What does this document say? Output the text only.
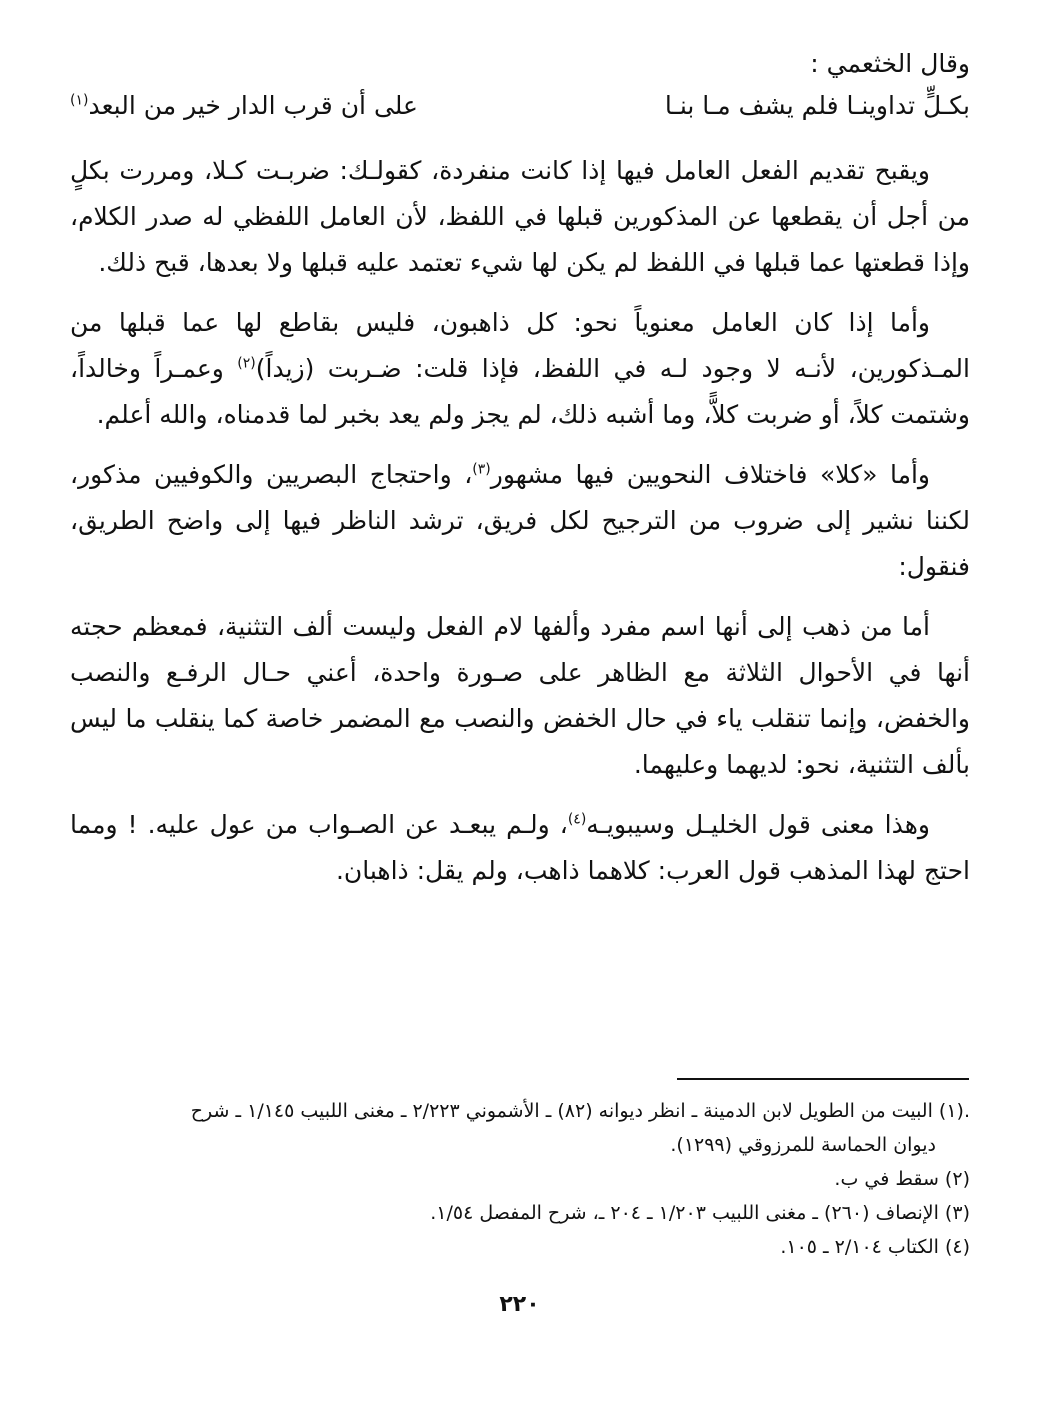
وقال الخثعمي :
بكـلٍّ تداوينـا فلم يشف مـا بنـا
على أن قرب الدار خير من البعد$^{(١)}$

ويقبح تقديم الفعل العامل فيها إذا كانت منفردة، كقولـك: ضربـت كـلا، ومررت بكلٍ من أجل أن يقطعها عن المذكورين قبلها في اللفظ، لأن العامل اللفظي له صدر الكلام، وإذا قطعتها عما قبلها في اللفظ لم يكن لها شيء تعتمد عليه قبلها ولا بعدها، قبح ذلك.

وأما إذا كان العامل معنوياً نحو: كل ذاهبون، فليس بقاطع لها عما قبلها من المـذكورين، لأنـه لا وجود لـه في اللفظ، فإذا قلت: ضـربت (زيداً)$^{(٢)}$ وعمـراً وخالداً، وشتمت كلاً، أو ضربت كلاًّ، وما أشبه ذلك، لم يجز ولم يعد بخبر لما قدمناه، والله أعلم.

وأما «كلا» فاختلاف النحويين فيها مشهور$^{(٣)}$، واحتجاج البصريين والكوفيين مذكور، لكننا نشير إلى ضروب من الترجيح لكل فريق، ترشد الناظر فيها إلى واضح الطريق، فنقول:

أما من ذهب إلى أنها اسم مفرد وألفها لام الفعل وليست ألف التثنية، فمعظم حجته أنها في الأحوال الثلاثة مع الظاهر على صـورة واحدة، أعني حـال الرفـع والنصب والخفض، وإنما تنقلب ياء في حال الخفض والنصب مع المضمر خاصة كما ينقلب ما ليس بألف التثنية، نحو: لديهما وعليهما.

وهذا معنى قول الخليـل وسيبويـه$^{(٤)}$، ولـم يبعـد عن الصـواب من عول عليه. ! ومما احتج لهذا المذهب قول العرب: كلاهما ذاهب، ولم يقل: ذاهبان.

.(١) البيت من الطويل لابن الدمينة ـ انظر ديوانه (٨٢) ـ الأشموني ٢/٢٢٣ ـ مغنى اللبيب ١/١٤٥ ـ شرح
ديوان الحماسة للمرزوقي (١٢٩٩).
(٢) سقط في ب.
(٣) الإنصاف (٢٦٠) ـ مغنى اللبيب ١/٢٠٣ ـ ٢٠٤ ـ، شرح المفصل ١/٥٤.
(٤) الكتاب ٢/١٠٤ ـ ١٠٥.
٢٢٠
